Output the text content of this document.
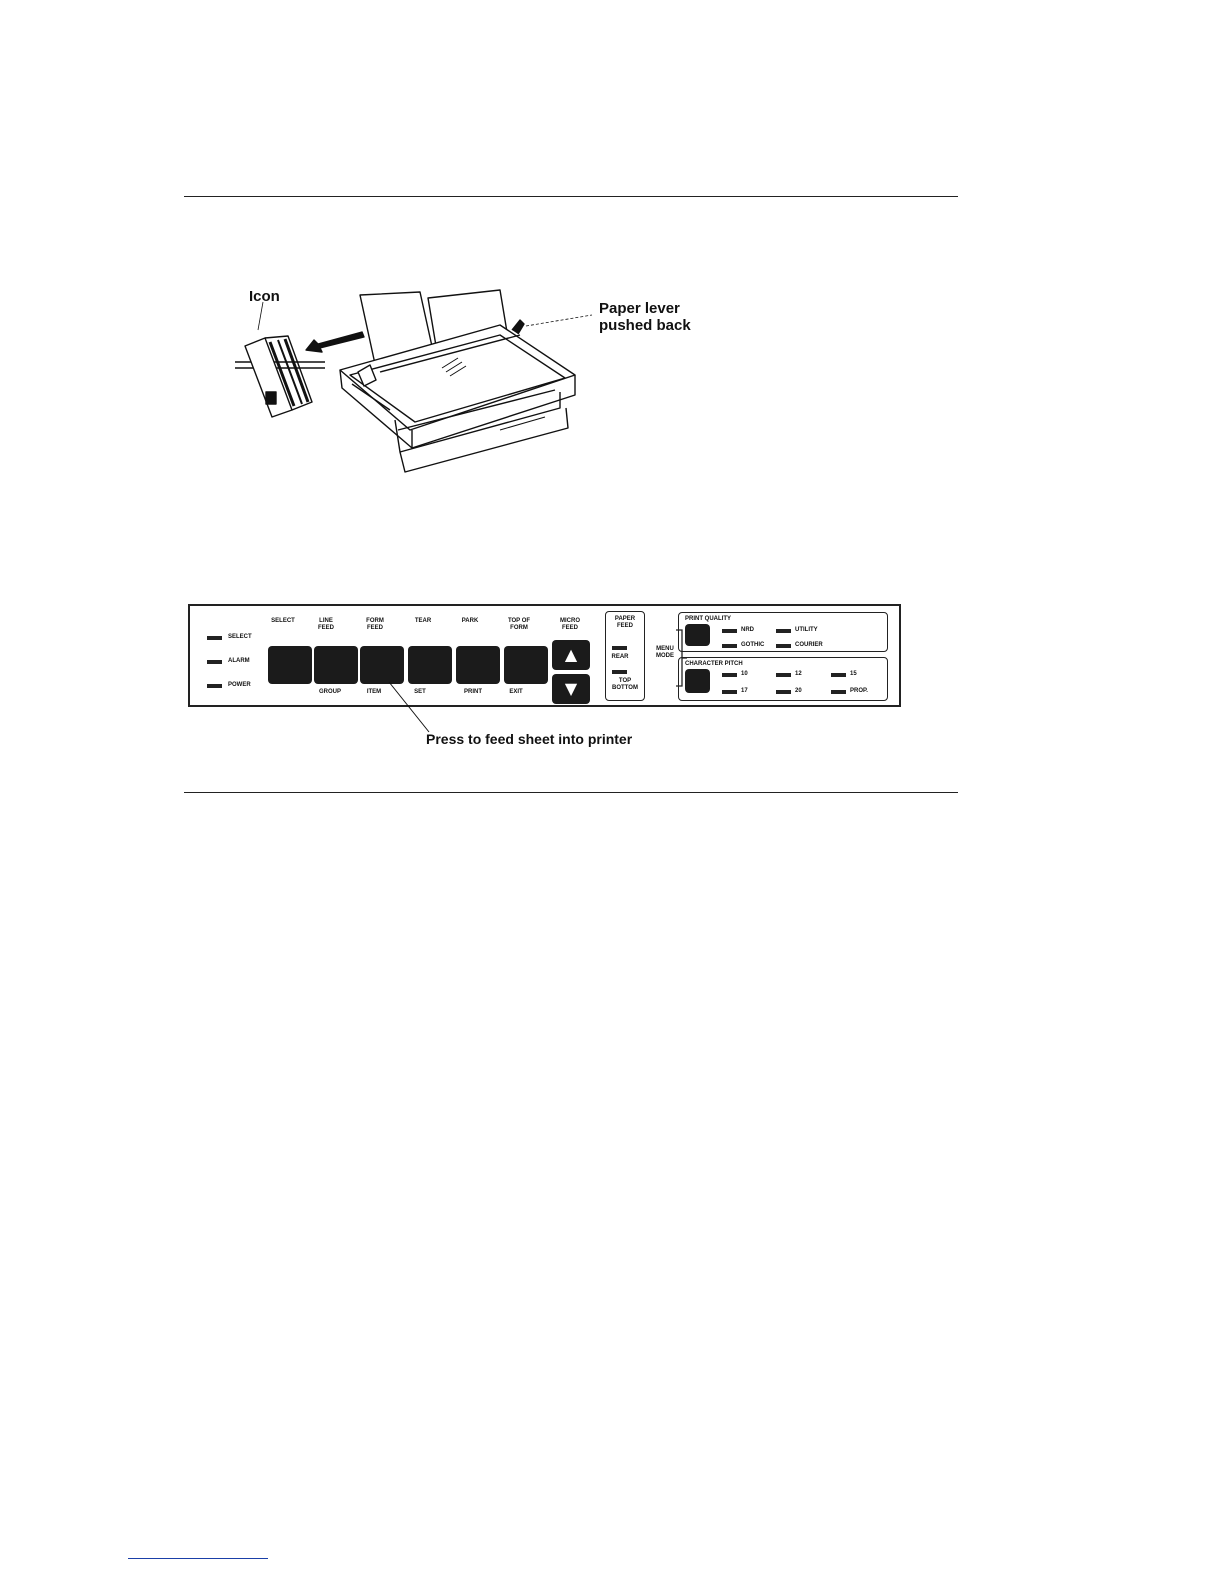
Icon
Paper lever
pushed back
SELECT
ALARM
POWER
SELECT	LINE
FEED
GROUP
FORM
FEED
ITEM
TEAR
SET
PARK
PRINT
TOP OF
FORM
EXIT
MICRO
FEED
▲
▼
PAPER
FEED
REAR
TOP
BOTTOM
MENU
MODE
PRINT QUALITY
NRD	UTILITY
GOTHIC	COURIER
CHARACTER PITCH
10	12	15
17	20	PROP.
Press to feed sheet into printer
